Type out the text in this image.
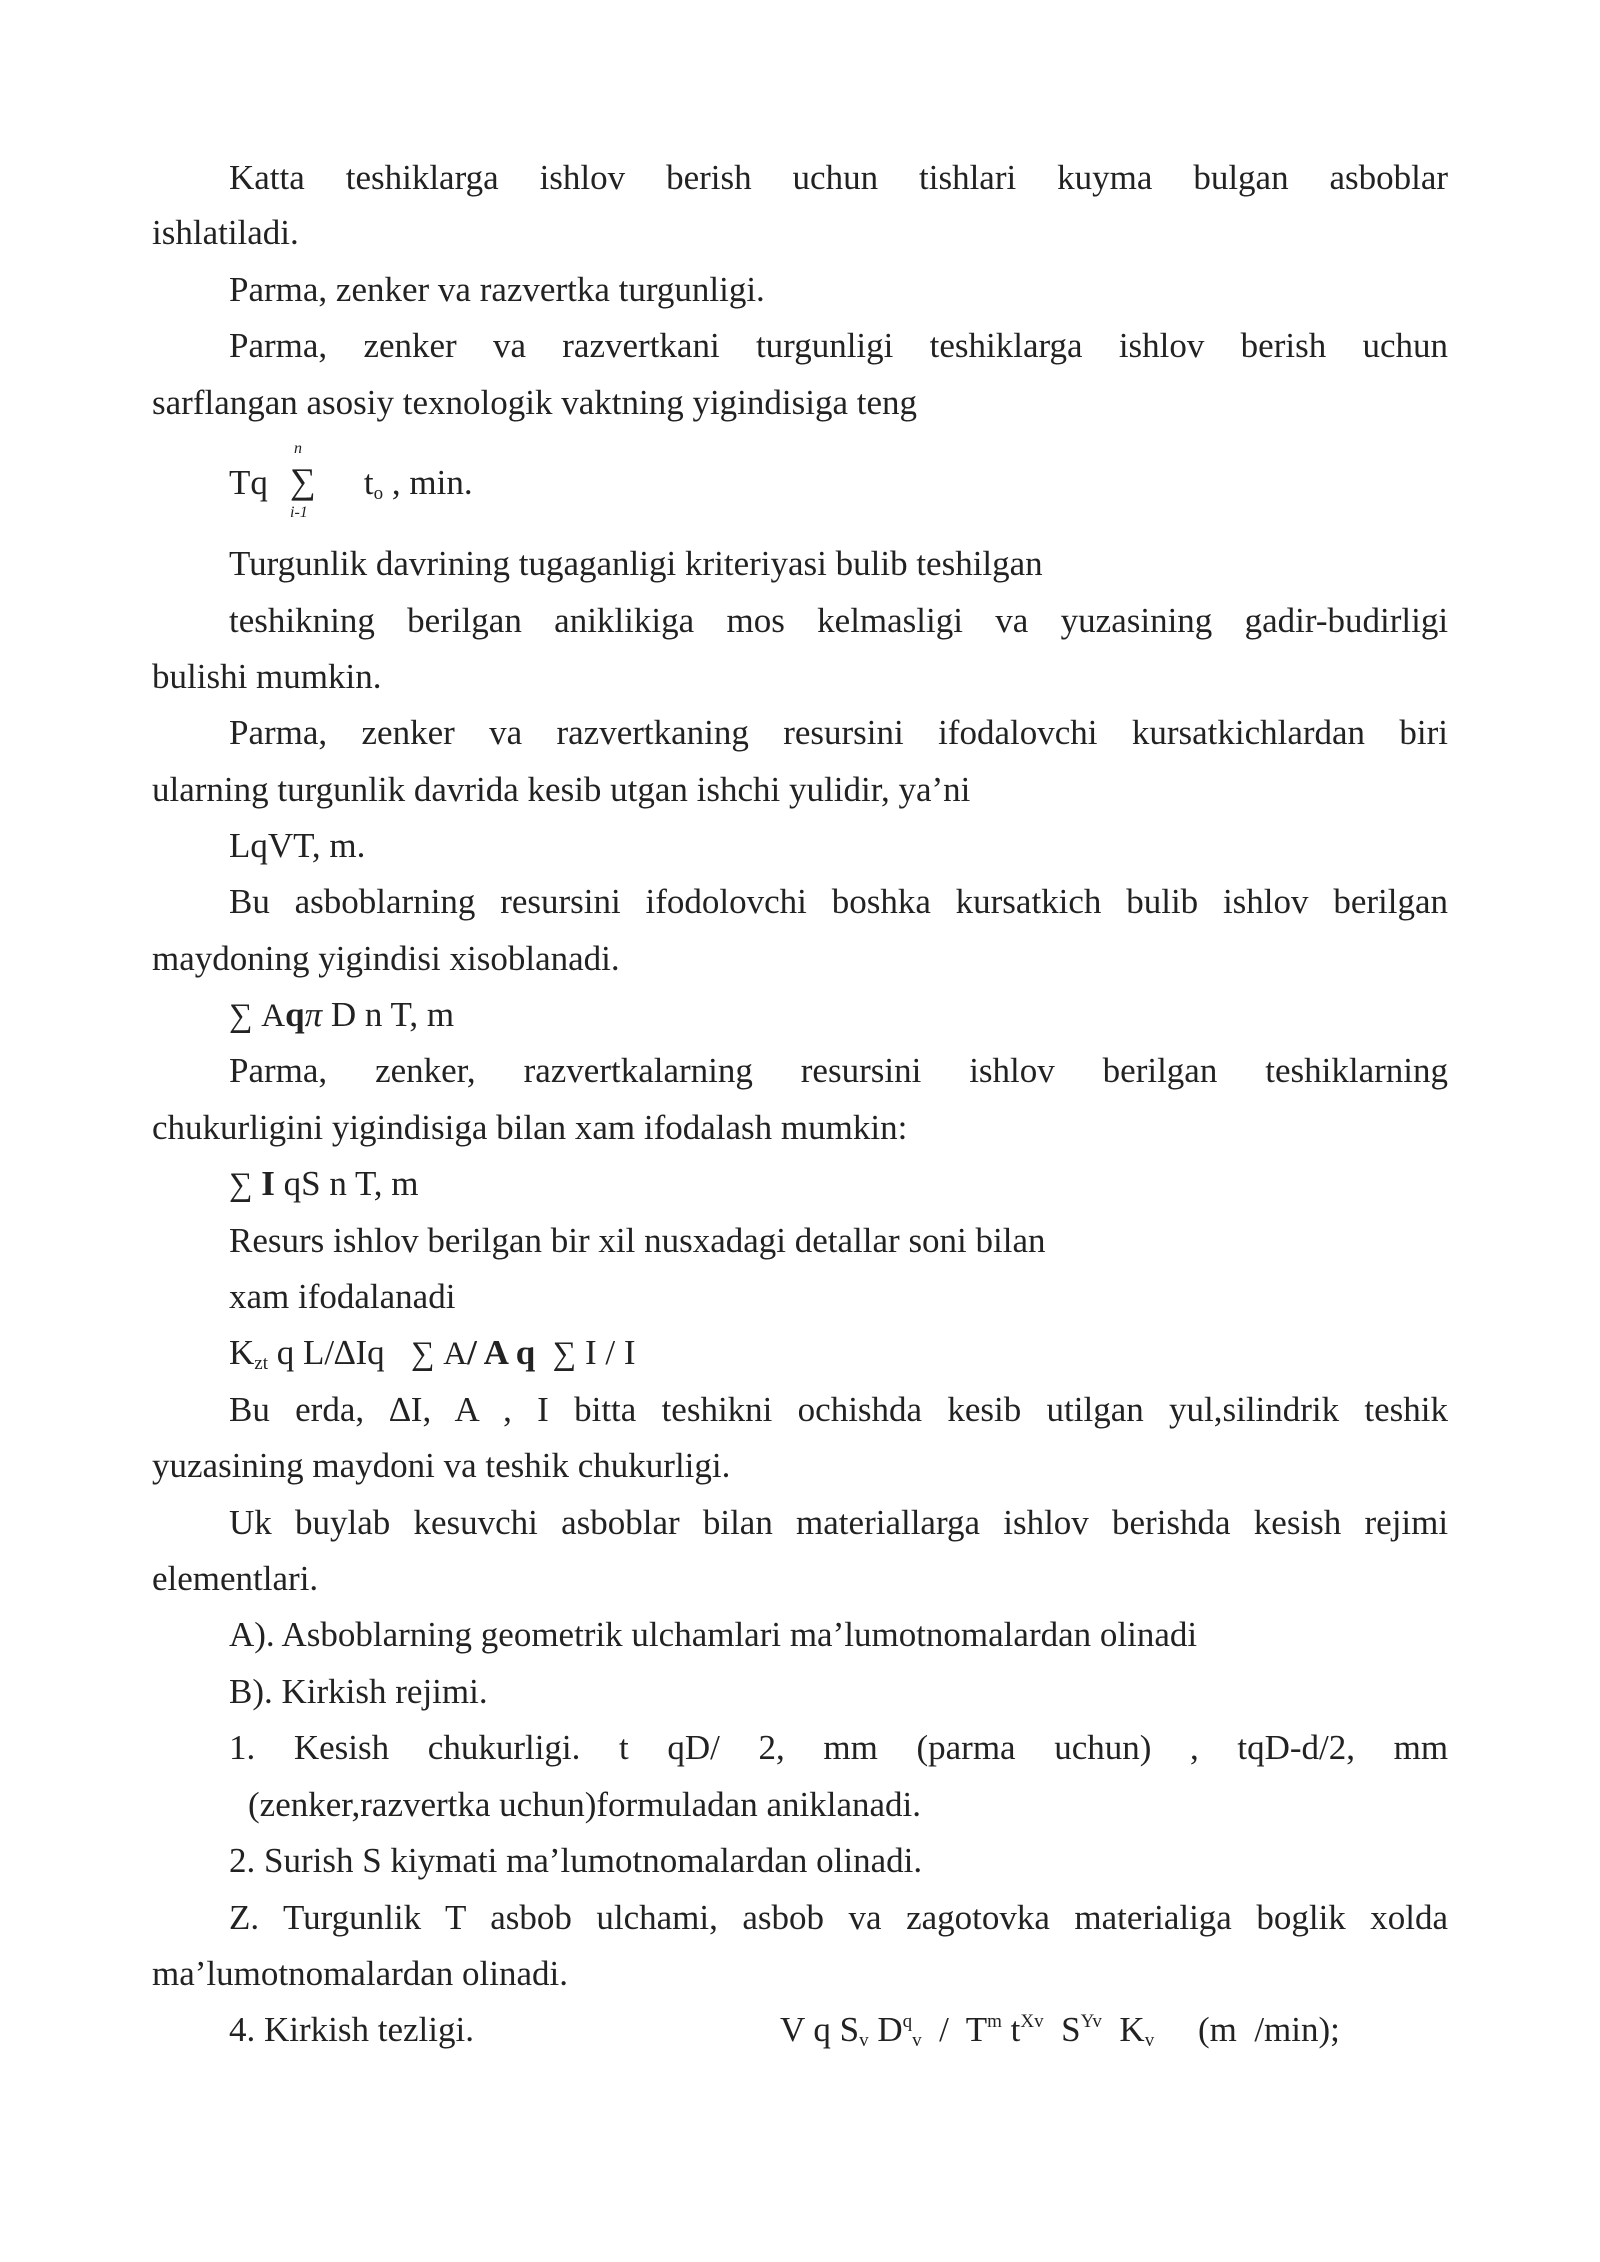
Katta teshiklarga ishlov berish uchun tishlari kuyma bulgan asboblar
ishlatiladi.
Parma, zenker va razvertka turgunligi.
Parma, zenker va razvertkani turgunligi teshiklarga ishlov berish uchun
sarflangan asosiy texnologik vaktning yigindisiga teng
Tq	to , min.
n
∑
i-1
Turgunlik davrining tugaganligi kriteriyasi bulib teshilgan
teshikning berilgan aniklikiga mos kelmasligi va yuzasining gadir-budirligi
bulishi mumkin.
Parma, zenker va razvertkaning resursini ifodalovchi kursatkichlardan biri
ularning turgunlik davrida kesib utgan ishchi yulidir, ya’ni
LqVT, m.
Bu asboblarning resursini ifodolovchi boshka kursatkich bulib ishlov berilgan
maydoning yigindisi xisoblanadi.
∑ Aqπ D n T, m
Parma, zenker, razvertkalarning resursini ishlov berilgan teshiklarning
chukurligini yigindisiga bilan xam ifodalash mumkin:
∑ I qS n T, m
Resurs ishlov berilgan bir xil nusxadagi detallar soni bilan
xam ifodalanadi
Kzt q L/∆Iq   ∑ A/ A q  ∑ I / I
Bu erda, ∆I, A , I bitta teshikni ochishda kesib utilgan yul,silindrik teshik
yuzasining maydoni va teshik chukurligi.
Uk buylab kesuvchi asboblar bilan materiallarga ishlov berishda kesish rejimi
elementlari.
A). Asboblarning geometrik ulchamlari ma’lumotnomalardan olinadi
B). Kirkish rejimi.
1. Kesish chukurligi. t qD/ 2, mm (parma uchun) , tqD-d/2, mm
(zenker,razvertka uchun)formuladan aniklanadi.
2. Surish S kiymati ma’lumotnomalardan olinadi.
Z. Turgunlik T asbob ulchami, asbob va zagotovka materialiga boglik xolda
ma’lumotnomalardan olinadi.
4. Kirkish tezligi.	V q Sv $D^qv / T^m$ $t^{Xv}$  $S^{Yv}$  Kv     (m  /min);
